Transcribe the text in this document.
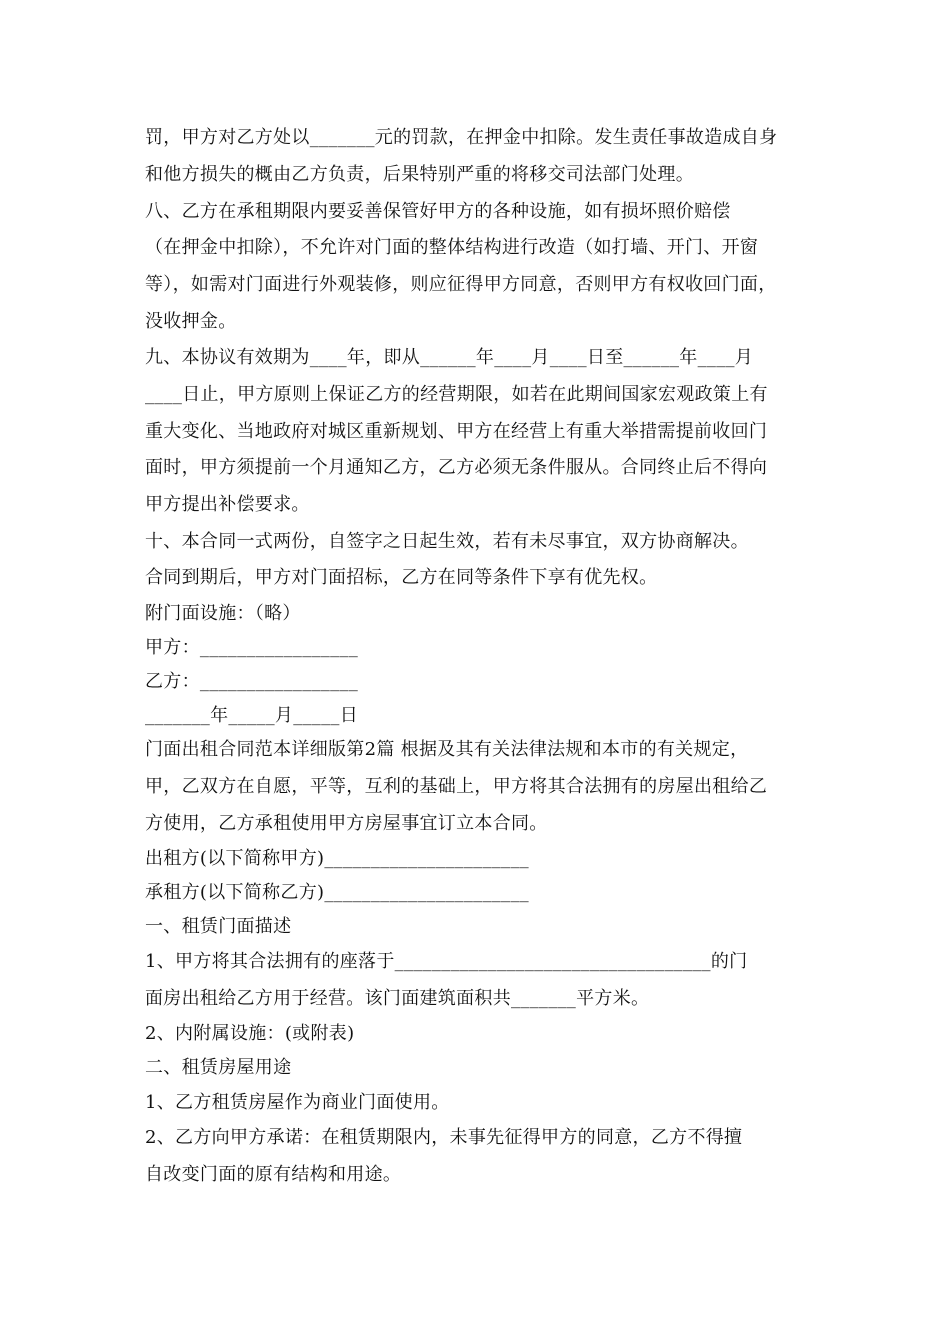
罚，甲方对乙方处以_______元的罚款，在押金中扣除。发生责任事故造成自身
和他方损失的概由乙方负责，后果特别严重的将移交司法部门处理。
八、乙方在承租期限内要妥善保管好甲方的各种设施，如有损坏照价赔偿
（在押金中扣除），不允许对门面的整体结构进行改造（如打墙、开门、开窗
等），如需对门面进行外观装修，则应征得甲方同意，否则甲方有权收回门面，
没收押金。
九、本协议有效期为____年，即从______年____月____日至______年____月
____日止，甲方原则上保证乙方的经营期限，如若在此期间国家宏观政策上有
重大变化、当地政府对城区重新规划、甲方在经营上有重大举措需提前收回门
面时，甲方须提前一个月通知乙方，乙方必须无条件服从。合同终止后不得向
甲方提出补偿要求。
十、本合同一式两份，自签字之日起生效，若有未尽事宜，双方协商解决。
合同到期后，甲方对门面招标，乙方在同等条件下享有优先权。
附门面设施：（略）
甲方：_________________
乙方：_________________
_______年_____月_____日
门面出租合同范本详细版第2篇 根据及其有关法律法规和本市的有关规定，
甲，乙双方在自愿，平等，互利的基础上，甲方将其合法拥有的房屋出租给乙
方使用，乙方承租使用甲方房屋事宜订立本合同。
出租方(以下简称甲方)______________________
承租方(以下简称乙方)______________________
一、租赁门面描述
1、甲方将其合法拥有的座落于__________________________________的门
面房出租给乙方用于经营。该门面建筑面积共_______平方米。
2、内附属设施：(或附表)
二、租赁房屋用途
1、乙方租赁房屋作为商业门面使用。
2、乙方向甲方承诺：在租赁期限内，未事先征得甲方的同意，乙方不得擅
自改变门面的原有结构和用途。
